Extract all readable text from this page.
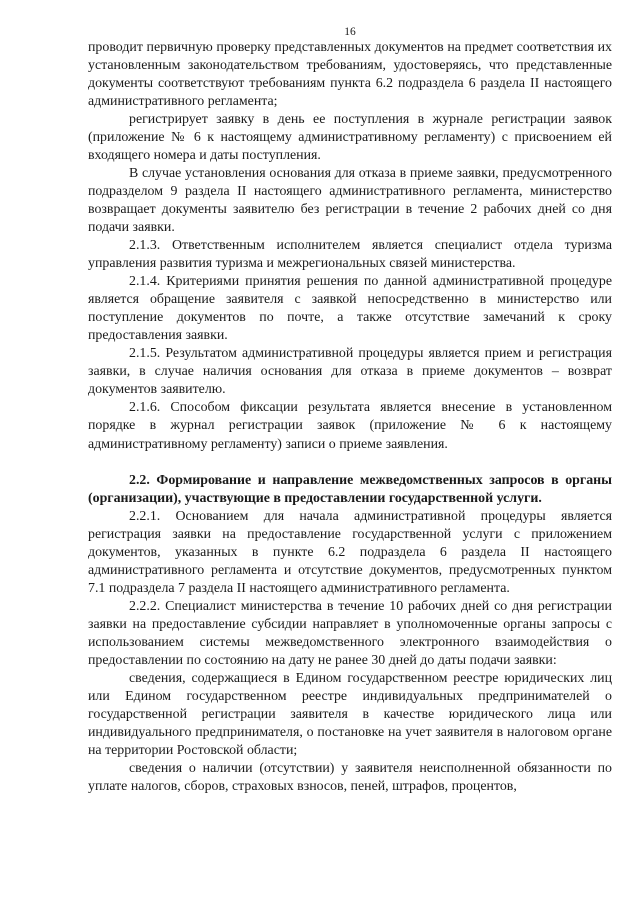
16

проводит первичную проверку представленных документов на предмет соответствия их установленным законодательством требованиям, удостоверяясь, что представленные документы соответствуют требованиям пункта 6.2 подраздела 6 раздела II настоящего административного регламента;

регистрирует заявку в день ее поступления в журнале регистрации заявок (приложение № 6 к настоящему административному регламенту) с присвоением ей входящего номера и даты поступления.

В случае установления основания для отказа в приеме заявки, предусмотренного подразделом 9 раздела II настоящего административного регламента, министерство возвращает документы заявителю без регистрации в течение 2 рабочих дней со дня подачи заявки.

2.1.3. Ответственным исполнителем является специалист отдела туризма управления развития туризма и межрегиональных связей министерства.

2.1.4. Критериями принятия решения по данной административной процедуре является обращение заявителя с заявкой непосредственно в министерство или поступление документов по почте, а также отсутствие замечаний к сроку предоставления заявки.

2.1.5. Результатом административной процедуры является прием и регистрация заявки, в случае наличия основания для отказа в приеме документов – возврат документов заявителю.

2.1.6. Способом фиксации результата является внесение в установленном порядке в журнал регистрации заявок (приложение № 6 к настоящему административному регламенту) записи о приеме заявления.

2.2. Формирование и направление межведомственных запросов в органы (организации), участвующие в предоставлении государственной услуги.

2.2.1. Основанием для начала административной процедуры является регистрация заявки на предоставление государственной услуги с приложением документов, указанных в пункте 6.2 подраздела 6 раздела II настоящего административного регламента и отсутствие документов, предусмотренных пунктом 7.1 подраздела 7 раздела II настоящего административного регламента.

2.2.2. Специалист министерства в течение 10 рабочих дней со дня регистрации заявки на предоставление субсидии направляет в уполномоченные органы запросы с использованием системы межведомственного электронного взаимодействия о предоставлении по состоянию на дату не ранее 30 дней до даты подачи заявки:

сведения, содержащиеся в Едином государственном реестре юридических лиц или Едином государственном реестре индивидуальных предпринимателей о государственной регистрации заявителя в качестве юридического лица или индивидуального предпринимателя, о постановке на учет заявителя в налоговом органе на территории Ростовской области;

сведения о наличии (отсутствии) у заявителя неисполненной обязанности по уплате налогов, сборов, страховых взносов, пеней, штрафов, процентов,
